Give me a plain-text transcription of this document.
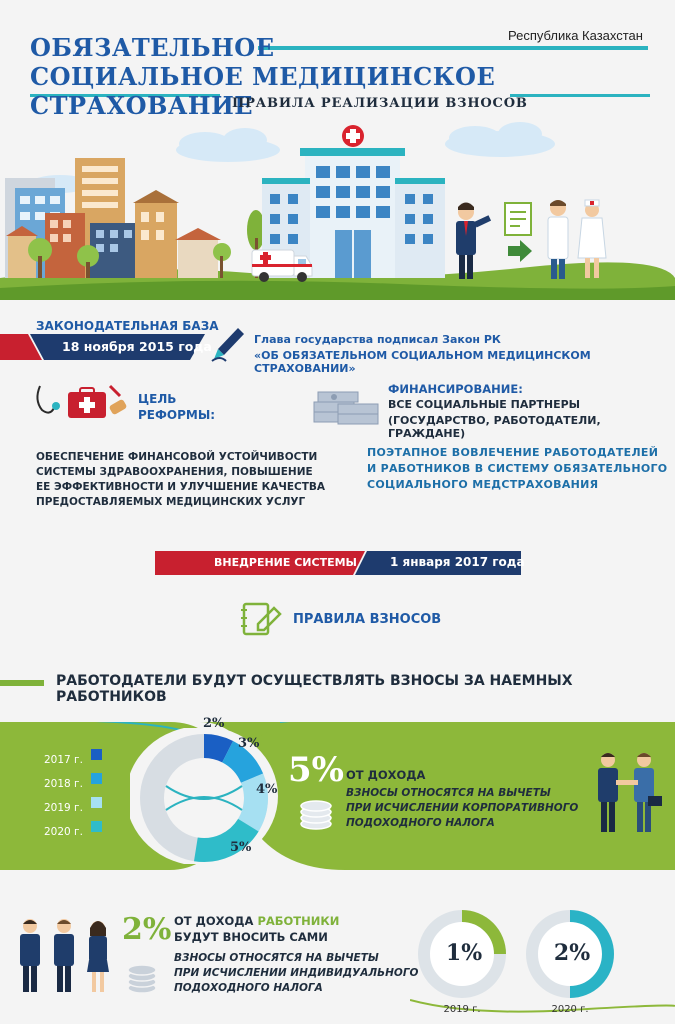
ОБЯЗАТЕЛЬНОЕ
СОЦИАЛЬНОЕ МЕДИЦИНСКОЕ СТРАХОВАНИЕ
Республика Казахстан
ПРАВИЛА РЕАЛИЗАЦИИ ВЗНОСОВ
ЗАКОНОДАТЕЛЬНАЯ БАЗА
18 ноября 2015 года	Глава государства подписал Закон РК
«ОБ ОБЯЗАТЕЛЬНОМ СОЦИАЛЬНОМ МЕДИЦИНСКОМ СТРАХОВАНИИ»
ЦЕЛЬ
РЕФОРМЫ:
ОБЕСПЕЧЕНИЕ ФИНАНСОВОЙ УСТОЙЧИВОСТИ
СИСТЕМЫ ЗДРАВООХРАНЕНИЯ, ПОВЫШЕНИЕ
ЕЕ ЭФФЕКТИВНОСТИ И УЛУЧШЕНИЕ КАЧЕСТВА
ПРЕДОСТАВЛЯЕМЫХ МЕДИЦИНСКИХ УСЛУГ
ФИНАНСИРОВАНИЕ:
ВСЕ СОЦИАЛЬНЫЕ ПАРТНЕРЫ
(ГОСУДАРСТВО, РАБОТОДАТЕЛИ, ГРАЖДАНЕ)
ПОЭТАПНОЕ ВОВЛЕЧЕНИЕ РАБОТОДАТЕЛЕЙ
И РАБОТНИКОВ В СИСТЕМУ ОБЯЗАТЕЛЬНОГО
СОЦИАЛЬНОГО МЕДСТРАХОВАНИЯ
ВНЕДРЕНИЕ СИСТЕМЫ	1 января 2017 года
ПРАВИЛА ВЗНОСОВ
РАБОТОДАТЕЛИ БУДУТ ОСУЩЕСТВЛЯТЬ ВЗНОСЫ ЗА НАЕМНЫХ РАБОТНИКОВ
2017 г.
2018 г.
2019 г.
2020 г.
2%
3%
4%
5%
5% ОТ ДОХОДА
ВЗНОСЫ ОТНОСЯТСЯ НА ВЫЧЕТЫ
ПРИ ИСЧИСЛЕНИИ КОРПОРАТИВНОГО
ПОДОХОДНОГО НАЛОГА
2% ОТ ДОХОДА РАБОТНИКИ
БУДУТ ВНОСИТЬ САМИ
ВЗНОСЫ ОТНОСЯТСЯ НА ВЫЧЕТЫ
ПРИ ИСЧИСЛЕНИИ ИНДИВИДУАЛЬНОГО
ПОДОХОДНОГО НАЛОГА
1%	2%
2019 г.	2020 г.
